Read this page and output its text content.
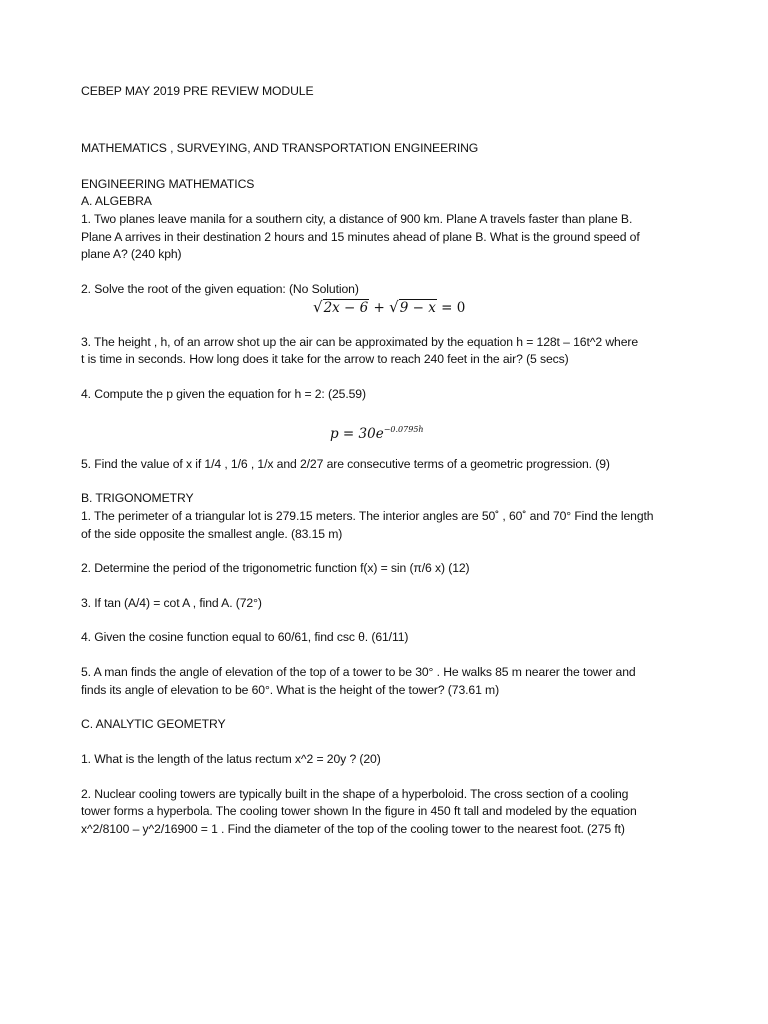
CEBEP MAY 2019 PRE REVIEW MODULE
MATHEMATICS , SURVEYING, AND TRANSPORTATION ENGINEERING
ENGINEERING MATHEMATICS
A. ALGEBRA
1. Two planes leave manila for a southern city, a distance of 900 km. Plane A travels faster than plane B.
Plane A arrives in their destination 2 hours and 15 minutes ahead of plane B. What is the ground speed of
plane A? (240 kph)
2. Solve the root of the given equation: (No Solution)
√2x − 6 + √9 − x = 0
3. The height , h, of an arrow shot up the air can be approximated by the equation h = 128t – 16t^2 where
t is time in seconds. How long does it take for the arrow to reach 240 feet in the air? (5 secs)
4. Compute the p given the equation for h = 2: (25.59)
$p = 30e^{-0.0795h}$
5. Find the value of x if 1/4 , 1/6 , 1/x and 2/27 are consecutive terms of a geometric progression. (9)
B. TRIGONOMETRY
1. The perimeter of a triangular lot is 279.15 meters. The interior angles are 50˚ , 60˚ and 70° Find the length
of the side opposite the smallest angle. (83.15 m)
2. Determine the period of the trigonometric function f(x) = sin (π/6 x) (12)
3. If tan (A/4) = cot A , find A. (72°)
4. Given the cosine function equal to 60/61, find csc θ. (61/11)
5. A man finds the angle of elevation of the top of a tower to be 30° . He walks 85 m nearer the tower and
finds its angle of elevation to be 60°. What is the height of the tower? (73.61 m)
C. ANALYTIC GEOMETRY
1. What is the length of the latus rectum x^2 = 20y ? (20)
2. Nuclear cooling towers are typically built in the shape of a hyperboloid. The cross section of a cooling
tower forms a hyperbola. The cooling tower shown In the figure in 450 ft tall and modeled by the equation
x^2/8100 – y^2/16900 = 1 . Find the diameter of the top of the cooling tower to the nearest foot. (275 ft)
